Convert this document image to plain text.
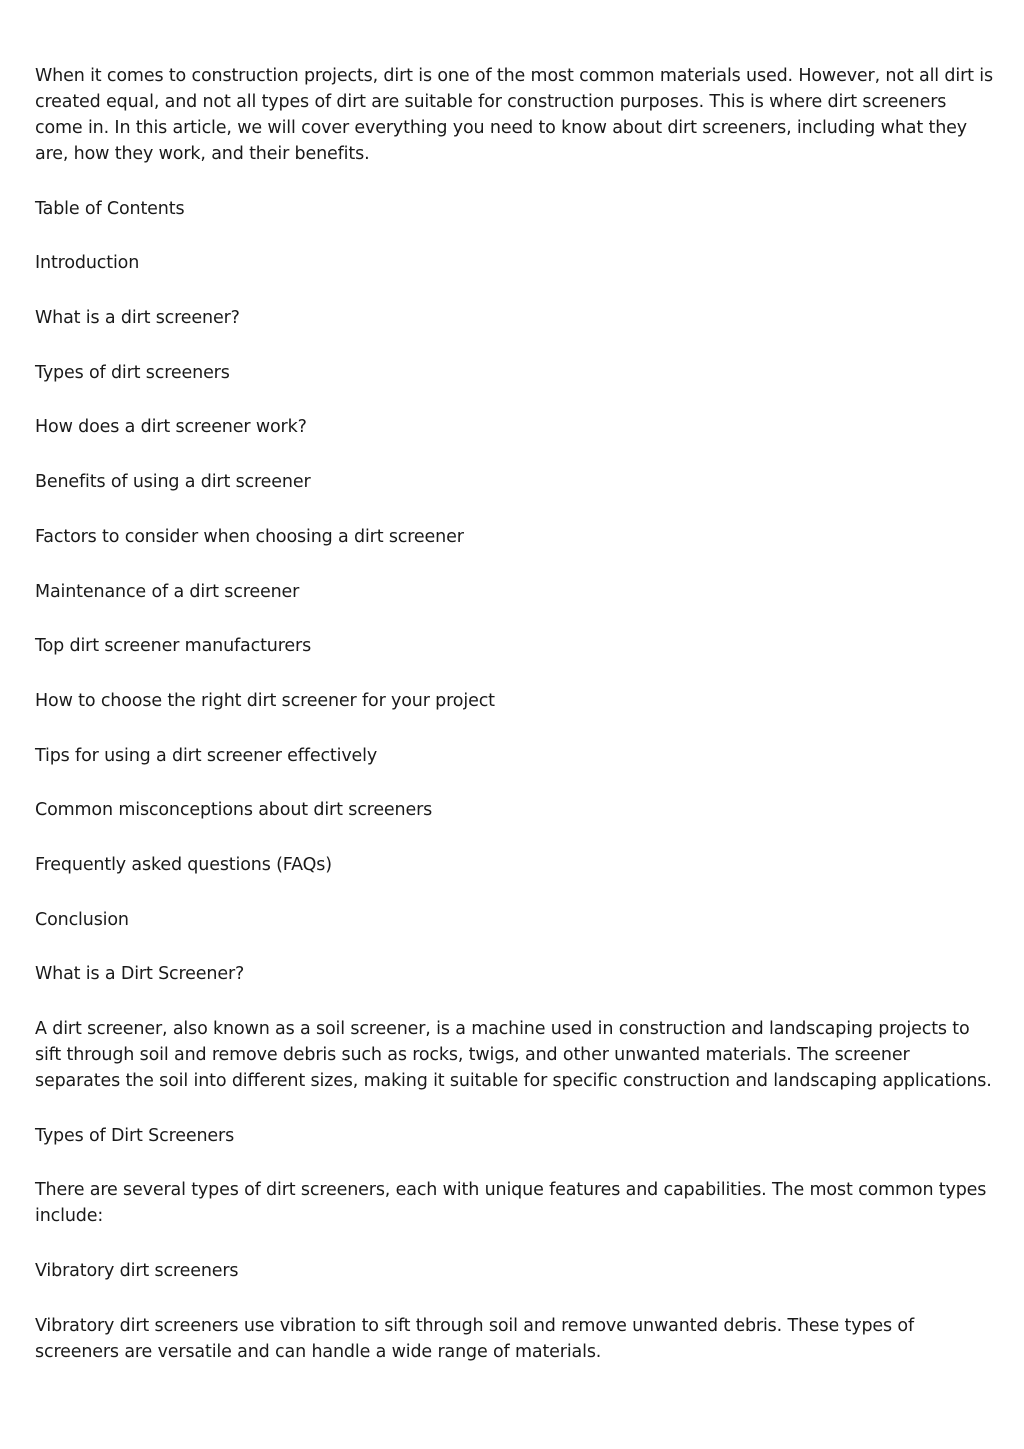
When it comes to construction projects, dirt is one of the most common materials used. However, not all dirt is created equal, and not all types of dirt are suitable for construction purposes. This is where dirt screeners come in. In this article, we will cover everything you need to know about dirt screeners, including what they are, how they work, and their benefits.

Table of Contents

Introduction

What is a dirt screener?

Types of dirt screeners

How does a dirt screener work?

Benefits of using a dirt screener

Factors to consider when choosing a dirt screener

Maintenance of a dirt screener

Top dirt screener manufacturers

How to choose the right dirt screener for your project

Tips for using a dirt screener effectively

Common misconceptions about dirt screeners

Frequently asked questions (FAQs)

Conclusion

What is a Dirt Screener?

A dirt screener, also known as a soil screener, is a machine used in construction and landscaping projects to sift through soil and remove debris such as rocks, twigs, and other unwanted materials. The screener separates the soil into different sizes, making it suitable for specific construction and landscaping applications.

Types of Dirt Screeners

There are several types of dirt screeners, each with unique features and capabilities. The most common types include:

Vibratory dirt screeners

Vibratory dirt screeners use vibration to sift through soil and remove unwanted debris. These types of screeners are versatile and can handle a wide range of materials.
